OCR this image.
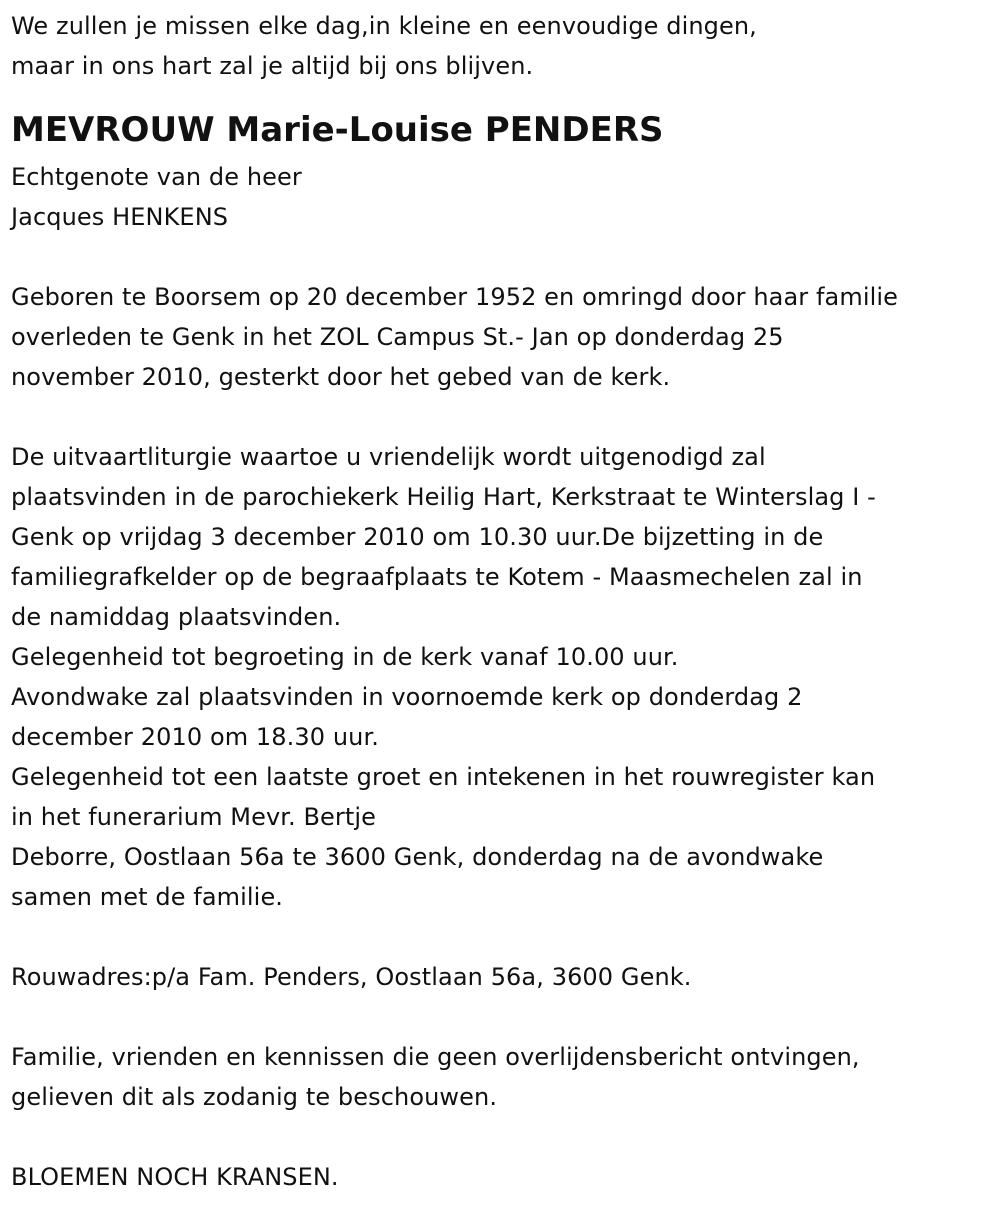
We zullen je missen elke dag,in kleine en eenvoudige dingen,
maar in ons hart zal je altijd bij ons blijven.
MEVROUW Marie-Louise PENDERS
Echtgenote van de heer
Jacques HENKENS
Geboren te Boorsem op 20 december 1952 en omringd door haar familie
overleden te Genk in het ZOL Campus St.- Jan op donderdag 25
november 2010, gesterkt door het gebed van de kerk.
De uitvaartliturgie waartoe u vriendelijk wordt uitgenodigd zal
plaatsvinden in de parochiekerk Heilig Hart, Kerkstraat te Winterslag I -
Genk op vrijdag 3 december 2010 om 10.30 uur.De bijzetting in de
familiegrafkelder op de begraafplaats te Kotem - Maasmechelen zal in
de namiddag plaatsvinden.
Gelegenheid tot begroeting in de kerk vanaf 10.00 uur.
Avondwake zal plaatsvinden in voornoemde kerk op donderdag 2
december 2010 om 18.30 uur.
Gelegenheid tot een laatste groet en intekenen in het rouwregister kan
in het funerarium Mevr. Bertje
Deborre, Oostlaan 56a te 3600 Genk, donderdag na de avondwake
samen met de familie.
Rouwadres:p/a Fam. Penders, Oostlaan 56a, 3600 Genk.
Familie, vrienden en kennissen die geen overlijdensbericht ontvingen,
gelieven dit als zodanig te beschouwen.
BLOEMEN NOCH KRANSEN.
